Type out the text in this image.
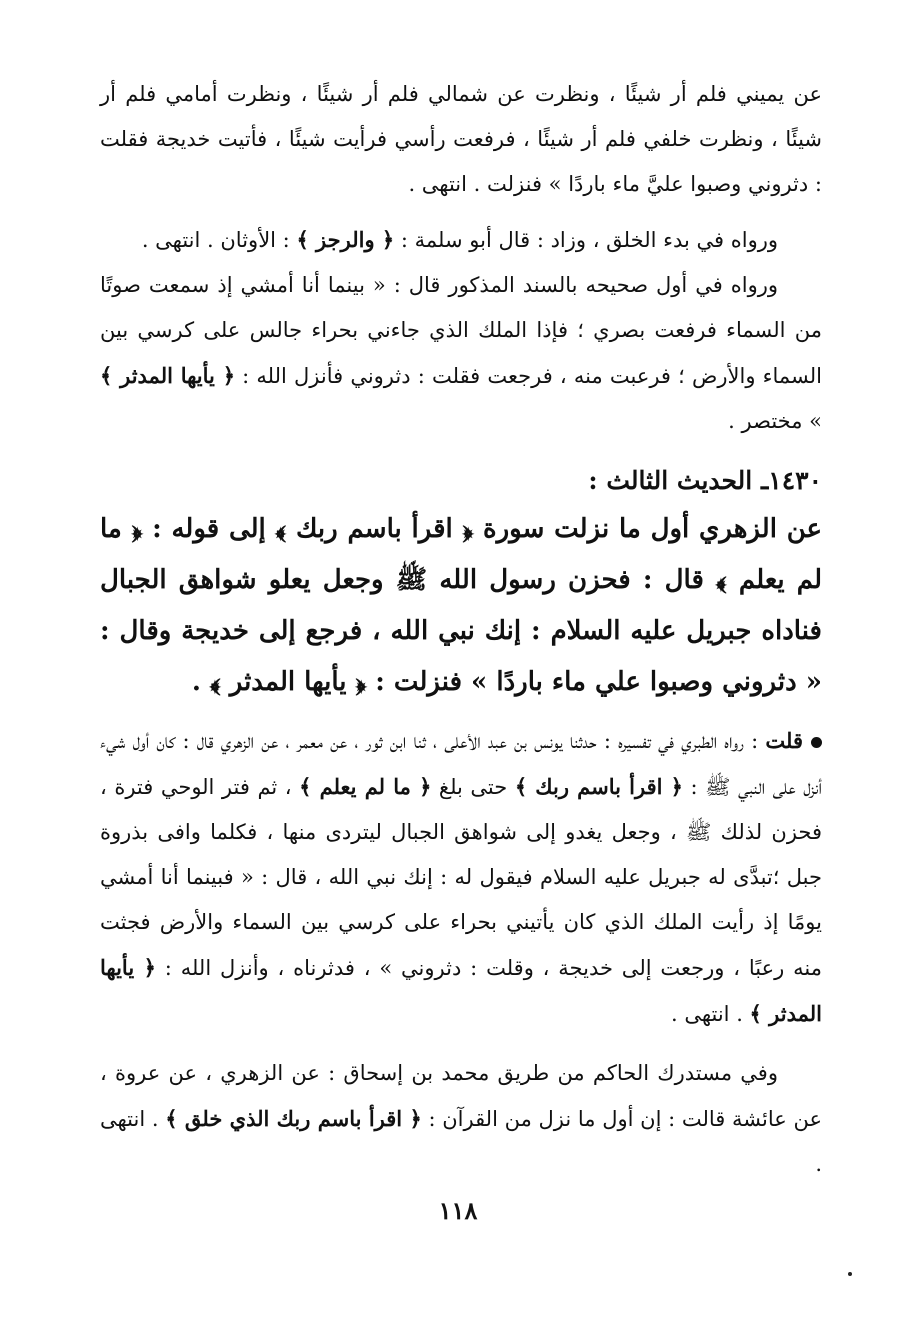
عن يميني فلم أر شيئًا ، ونظرت عن شمالي فلم أر شيئًا ، ونظرت أمامي فلم أر شيئًا ، ونظرت خلفي فلم أر شيئًا ، فرفعت رأسي فرأيت شيئًا ، فأتيت خديجة فقلت : دثروني وصبوا عليَّ ماء باردًا » فنزلت . انتهى .

ورواه في بدء الخلق ، وزاد : قال أبو سلمة : ﴿ والرجز ﴾ : الأوثان . انتهى .

ورواه في أول صحيحه بالسند المذكور قال : « بينما أنا أمشي إذ سمعت صوتًا من السماء فرفعت بصري ؛ فإذا الملك الذي جاءني بحراء جالس على كرسي بين السماء والأرض ؛ فرعبت منه ، فرجعت فقلت : دثروني فأنزل الله : ﴿ يأيها المدثر ﴾ » مختصر .

١٤٣٠ـ الحديث الثالث :

عن الزهري أول ما نزلت سورة ﴿ اقرأ باسم ربك ﴾ إلى قوله : ﴿ ما لم يعلم ﴾ قال : فحزن رسول الله ﷺ وجعل يعلو شواهق الجبال فناداه جبريل عليه السلام : إنك نبي الله ، فرجع إلى خديجة وقال : « دثروني وصبوا علي ماء باردًا » فنزلت : ﴿ يأيها المدثر ﴾ .

قلت : رواه الطبري في تفسيره : حدثنا يونس بن عبد الأعلى ، ثنا ابن ثور ، عن معمر ، عن الزهري قال : كان أول شيء أنزل على النبي ﷺ : ﴿ اقرأ باسم ربك ﴾ حتى بلغ ﴿ ما لم يعلم ﴾ ، ثم فتر الوحي فترة ، فحزن لذلك ﷺ ، وجعل يغدو إلى شواهق الجبال ليتردى منها ، فكلما وافى بذروة جبل ؛تبدَّى له جبريل عليه السلام فيقول له : إنك نبي الله ، قال : « فبينما أنا أمشي يومًا إذ رأيت الملك الذي كان يأتيني بحراء على كرسي بين السماء والأرض فجثت منه رعبًا ، ورجعت إلى خديجة ، وقلت : دثروني » ، فدثرناه ، وأنزل الله : ﴿ يأيها المدثر ﴾ . انتهى .

وفي مستدرك الحاكم من طريق محمد بن إسحاق : عن الزهري ، عن عروة ، عن عائشة قالت : إن أول ما نزل من القرآن : ﴿ اقرأ باسم ربك الذي خلق ﴾ . انتهى .

١١٨
